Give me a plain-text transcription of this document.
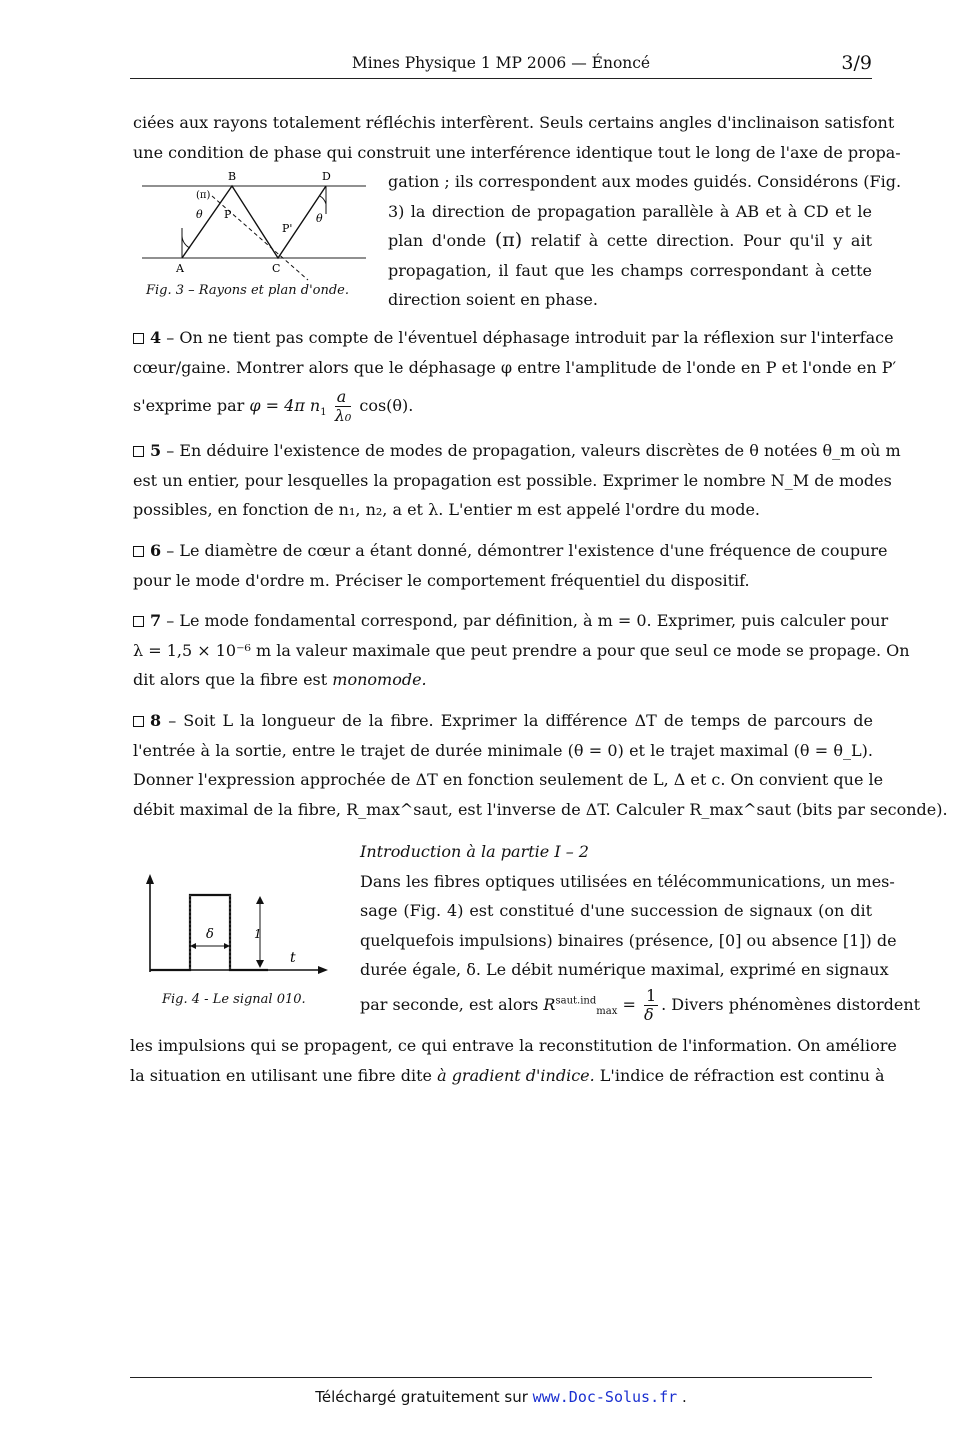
Mines Physique 1 MP 2006 — Énoncé	3/9
ciées aux rayons totalement réfléchis interfèrent. Seuls certains angles d'inclinaison satisfont
une condition de phase qui construit une interférence identique tout le long de l'axe de propa-
gation ; ils correspondent aux modes guidés. Considérons (Fig.
3) la direction de propagation parallèle à AB et à CD et le
plan d'onde (π) relatif à cette direction. Pour qu'il y ait
propagation, il faut que les champs correspondant à cette
direction soient en phase.
B	D
A	C
P
P'
(π)
θ	θ
Fig. 3 – Rayons et plan d'onde.
4 – On ne tient pas compte de l'éventuel déphasage introduit par la réflexion sur l'interface
cœur/gaine. Montrer alors que le déphasage φ entre l'amplitude de l'onde en P et l'onde en P′
s'exprime par φ = 4π $n_1 \frac{a}{\text{λ₀}} \cos(\theta)$.
5 – En déduire l'existence de modes de propagation, valeurs discrètes de θ notées θ_m où m
est un entier, pour lesquelles la propagation est possible. Exprimer le nombre N_M de modes
possibles, en fonction de n₁, n₂, a et λ. L'entier m est appelé l'ordre du mode.
6 – Le diamètre de cœur a étant donné, démontrer l'existence d'une fréquence de coupure
pour le mode d'ordre m. Préciser le comportement fréquentiel du dispositif.
7 – Le mode fondamental correspond, par définition, à m = 0. Exprimer, puis calculer pour
λ = 1,5 × 10⁻⁶ m la valeur maximale que peut prendre a pour que seul ce mode se propage. On
dit alors que la fibre est monomode.
8 – Soit L la longueur de la fibre. Exprimer la différence ΔT de temps de parcours de
l'entrée à la sortie, entre le trajet de durée minimale (θ = 0) et le trajet maximal (θ = θ_L).
Donner l'expression approchée de ΔT en fonction seulement de L, Δ et c. On convient que le
débit maximal de la fibre, R_max^saut, est l'inverse de ΔT. Calculer R_max^saut (bits par seconde).
δ	1
t
Fig. 4 - Le signal 010.
Introduction à la partie I – 2
Dans les fibres optiques utilisées en télécommunications, un mes-
sage (Fig. 4) est constitué d'une succession de signaux (on dit
quelquefois impulsions) binaires (présence, [0] ou absence [1]) de
durée égale, δ. Le débit numérique maximal, exprimé en signaux
par seconde, est alors $R^{saut.ind}_{max} = \frac{1}{\delta}$ . Divers phénomènes distordent
les impulsions qui se propagent, ce qui entrave la reconstitution de l'information. On améliore
la situation en utilisant une fibre dite à gradient d'indice. L'indice de réfraction est continu à
Téléchargé gratuitement sur www.Doc-Solus.fr .
